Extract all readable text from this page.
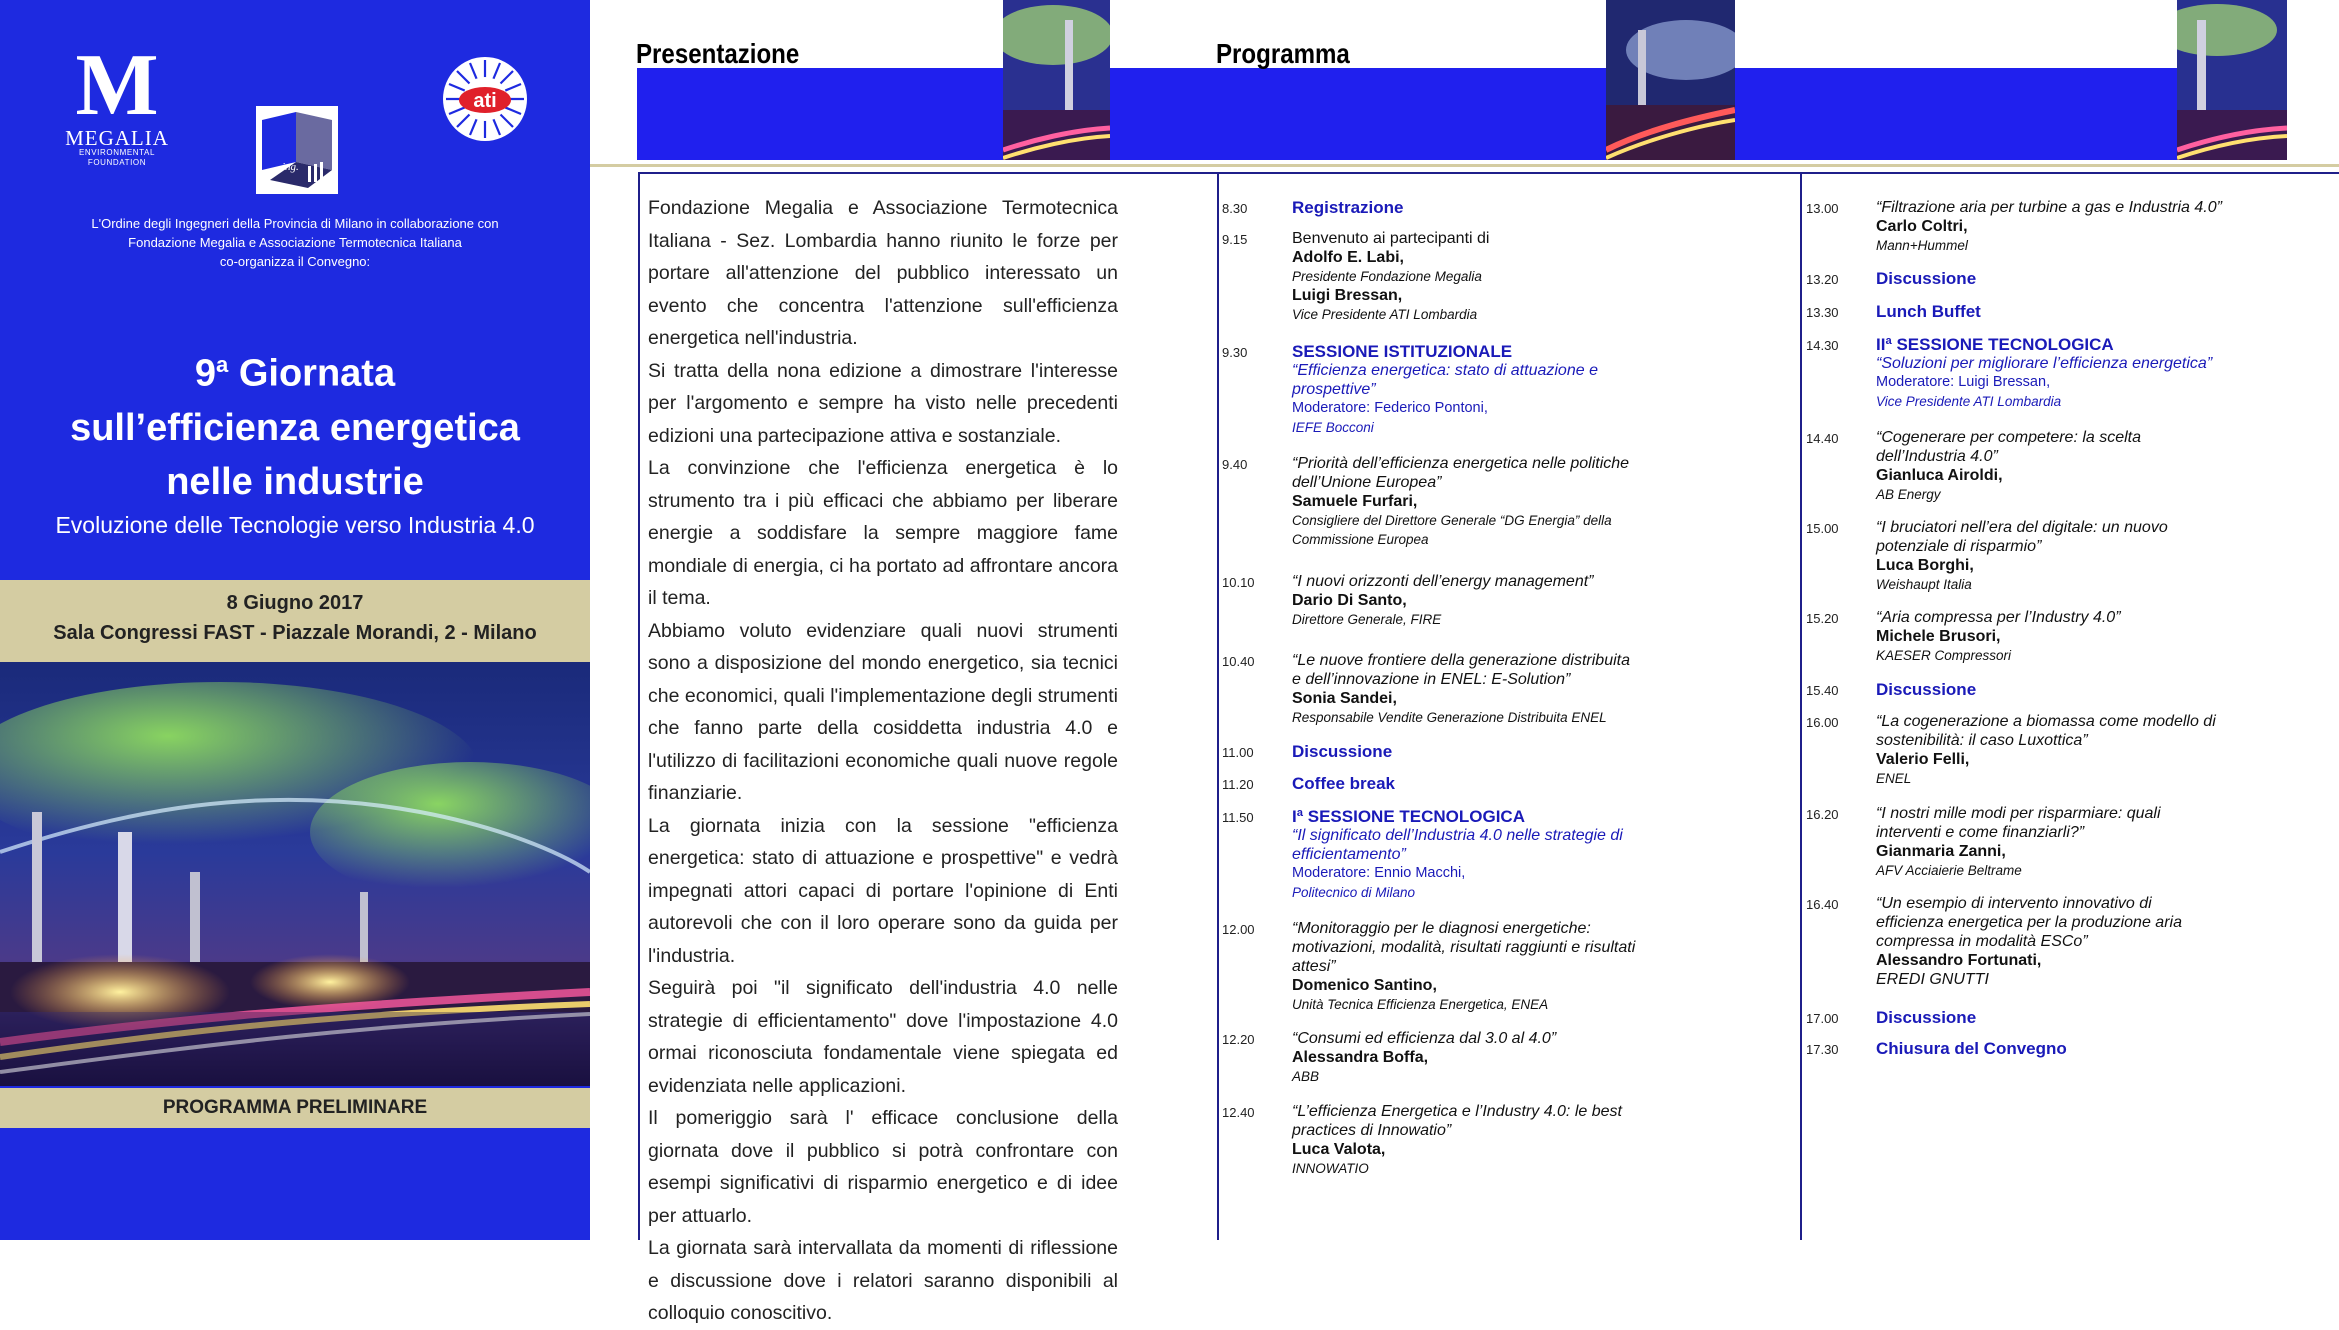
M
MEGALIA
ENVIRONMENTAL FOUNDATION	ing.
ati
L'Ordine degli Ingegneri della Provincia di Milano in collaborazione con
Fondazione Megalia e Associazione Termotecnica Italiana
co-organizza il Convegno:
9$^a$ Giornata
sull’efficienza energetica
nelle industrie
Evoluzione delle Tecnologie verso Industria 4.0
8 Giugno 2017
Sala Congressi FAST - Piazzale Morandi, 2 - Milano
PROGRAMMA PRELIMINARE
Presentazione	Programma

Fondazione Megalia e Associazione Termotecnica Italiana - Sez. Lombardia hanno riunito le forze per portare all'attenzione del pubblico interessato un evento che concentra l'attenzione sull'efficienza energetica nell'industria.

Si tratta della nona edizione a dimostrare l'interesse per l'argomento e sempre ha visto nelle precedenti edizioni una partecipazione attiva e sostanziale.

La convinzione che l'efficienza energetica è lo strumento tra i più efficaci che abbiamo per liberare energie a soddisfare la sempre maggiore fame mondiale di energia, ci ha portato ad affrontare ancora il tema.

Abbiamo voluto evidenziare quali nuovi strumenti sono a disposizione del mondo energetico, sia tecnici che economici, quali l'implementazione degli strumenti che fanno parte della cosiddetta industria 4.0 e l'utilizzo di facilitazioni economiche quali nuove regole finanziarie.

La giornata inizia con la sessione "efficienza energetica: stato di attuazione e prospettive" e vedrà impegnati attori capaci di portare l'opinione di Enti autorevoli che con il loro operare sono da guida per l'industria.

Seguirà poi "il significato dell'industria 4.0 nelle strategie di efficientamento" dove l'impostazione 4.0 ormai riconosciuta fondamentale viene spiegata ed evidenziata nelle applicazioni.

Il pomeriggio sarà l' efficace conclusione della giornata dove il pubblico si potrà confrontare con esempi significativi di risparmio energetico e di idee per attuarlo.

La giornata sarà intervallata da momenti di riflessione e discussione dove i relatori saranno disponibili al colloquio conoscitivo.

8.30	Registrazione
9.15	Benvenuto ai partecipanti di
Adolfo E. Labi,
Presidente Fondazione Megalia
Luigi Bressan,
Vice Presidente ATI Lombardia
9.30	SESSIONE ISTITUZIONALE
“Efficienza energetica: stato di attuazione e
prospettive”
Moderatore: Federico Pontoni,
IEFE Bocconi
9.40	“Priorità dell’efficienza energetica nelle politiche
dell’Unione Europea”
Samuele Furfari,
Consigliere del Direttore Generale “DG Energia” della
Commissione Europea
10.10 “I nuovi orizzonti dell’energy management”
Dario Di Santo,
Direttore Generale, FIRE
10.40 “Le nuove frontiere della generazione distribuita
e dell’innovazione in ENEL: E-Solution”
Sonia Sandei,
Responsabile Vendite Generazione Distribuita ENEL
11.00 Discussione
11.20 Coffee break
11.50 Iª SESSIONE TECNOLOGICA
“Il significato dell’Industria 4.0 nelle strategie di
efficientamento”
Moderatore: Ennio Macchi,
Politecnico di Milano
12.00 “Monitoraggio per le diagnosi energetiche:
motivazioni, modalità, risultati raggiunti e risultati
attesi”
Domenico Santino,
Unità Tecnica Efficienza Energetica, ENEA
12.20 “Consumi ed efficienza dal 3.0 al 4.0”
Alessandra Boffa,
ABB
12.40 “L’efficienza Energetica e l’Industry 4.0: le best
practices di Innowatio”
Luca Valota,
INNOWATIO
13.00 “Filtrazione aria per turbine a gas e Industria 4.0”
Carlo Coltri,
Mann+Hummel
13.20 Discussione
13.30 Lunch Buffet
14.30 IIª SESSIONE TECNOLOGICA
“Soluzioni per migliorare l’efficienza energetica”
Moderatore: Luigi Bressan,
Vice Presidente ATI Lombardia
14.40 “Cogenerare per competere: la scelta
dell’Industria 4.0”
Gianluca Airoldi,
AB Energy
15.00 “I bruciatori nell’era del digitale: un nuovo
potenziale di risparmio”
Luca Borghi,
Weishaupt Italia
15.20 “Aria compressa per l’Industry 4.0”
Michele Brusori,
KAESER Compressori
15.40 Discussione
16.00 “La cogenerazione a biomassa come modello di
sostenibilità: il caso Luxottica”
Valerio Felli,
ENEL
16.20 “I nostri mille modi per risparmiare: quali
interventi e come finanziarli?”
Gianmaria Zanni,
AFV Acciaierie Beltrame
16.40 “Un esempio di intervento innovativo di
efficienza energetica per la produzione aria
compressa in modalità ESCo”
Alessandro Fortunati,
EREDI GNUTTI
17.00 Discussione
17.30 Chiusura del Convegno
